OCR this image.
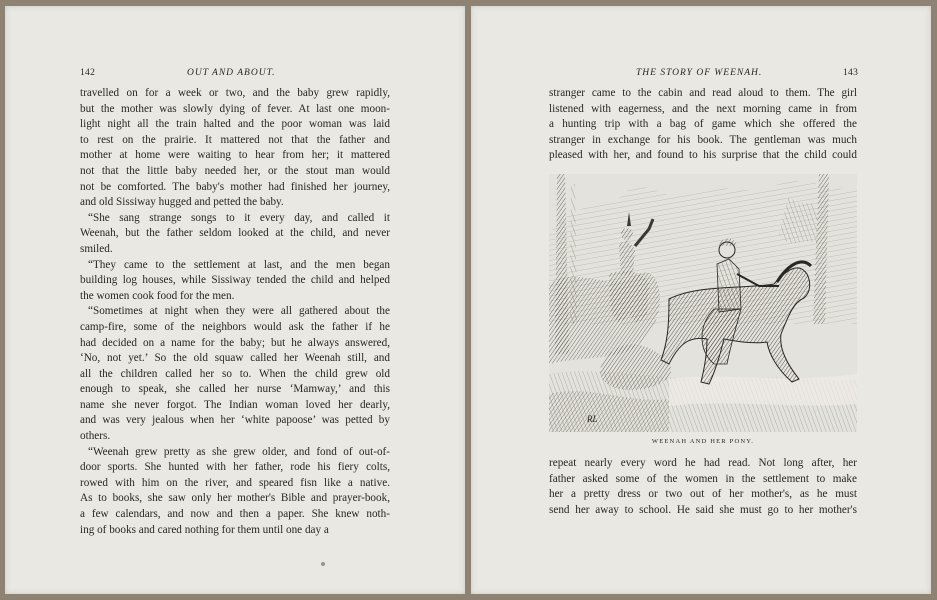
142	OUT AND ABOUT.
travelled on for a week or two, and the baby grew rapidly,
but the mother was slowly dying of fever. At last one moon-
light night all the train halted and the poor woman was laid
to rest on the prairie. It mattered not that the father and
mother at home were waiting to hear from her; it mattered
not that the little baby needed her, or the stout man would
not be comforted. The baby's mother had finished her journey,
and old Sissiway hugged and petted the baby.
“She sang strange songs to it every day, and called it
Weenah, but the father seldom looked at the child, and never
smiled.
“They came to the settlement at last, and the men began
building log houses, while Sissiway tended the child and helped
the women cook food for the men.
“Sometimes at night when they were all gathered about the
camp-fire, some of the neighbors would ask the father if he
had decided on a name for the baby; but he always answered,
‘No, not yet.’ So the old squaw called her Weenah still, and
all the children called her so to. When the child grew old
enough to speak, she called her nurse ‘Mamway,’ and this
name she never forgot. The Indian woman loved her dearly,
and was very jealous when her ‘white papoose’ was petted by
others.
“Weenah grew pretty as she grew older, and fond of out-of-
door sports. She hunted with her father, rode his fiery colts,
rowed with him on the river, and speared fisn like a native.
As to books, she saw only her mother's Bible and prayer-book,
a few calendars, and now and then a paper. She knew noth-
ing of books and cared nothing for them until one day a
THE STORY OF WEENAH.	143
stranger came to the cabin and read aloud to them. The girl
listened with eagerness, and the next morning came in from
a hunting trip with a bag of game which she offered the
stranger in exchange for his book. The gentleman was much
pleased with her, and found to his surprise that the child could
RL
WEENAH AND HER PONY.
repeat nearly every word he had read. Not long after, her
father asked some of the women in the settlement to make
her a pretty dress or two out of her mother's, as he must
send her away to school. He said she must go to her mother's
